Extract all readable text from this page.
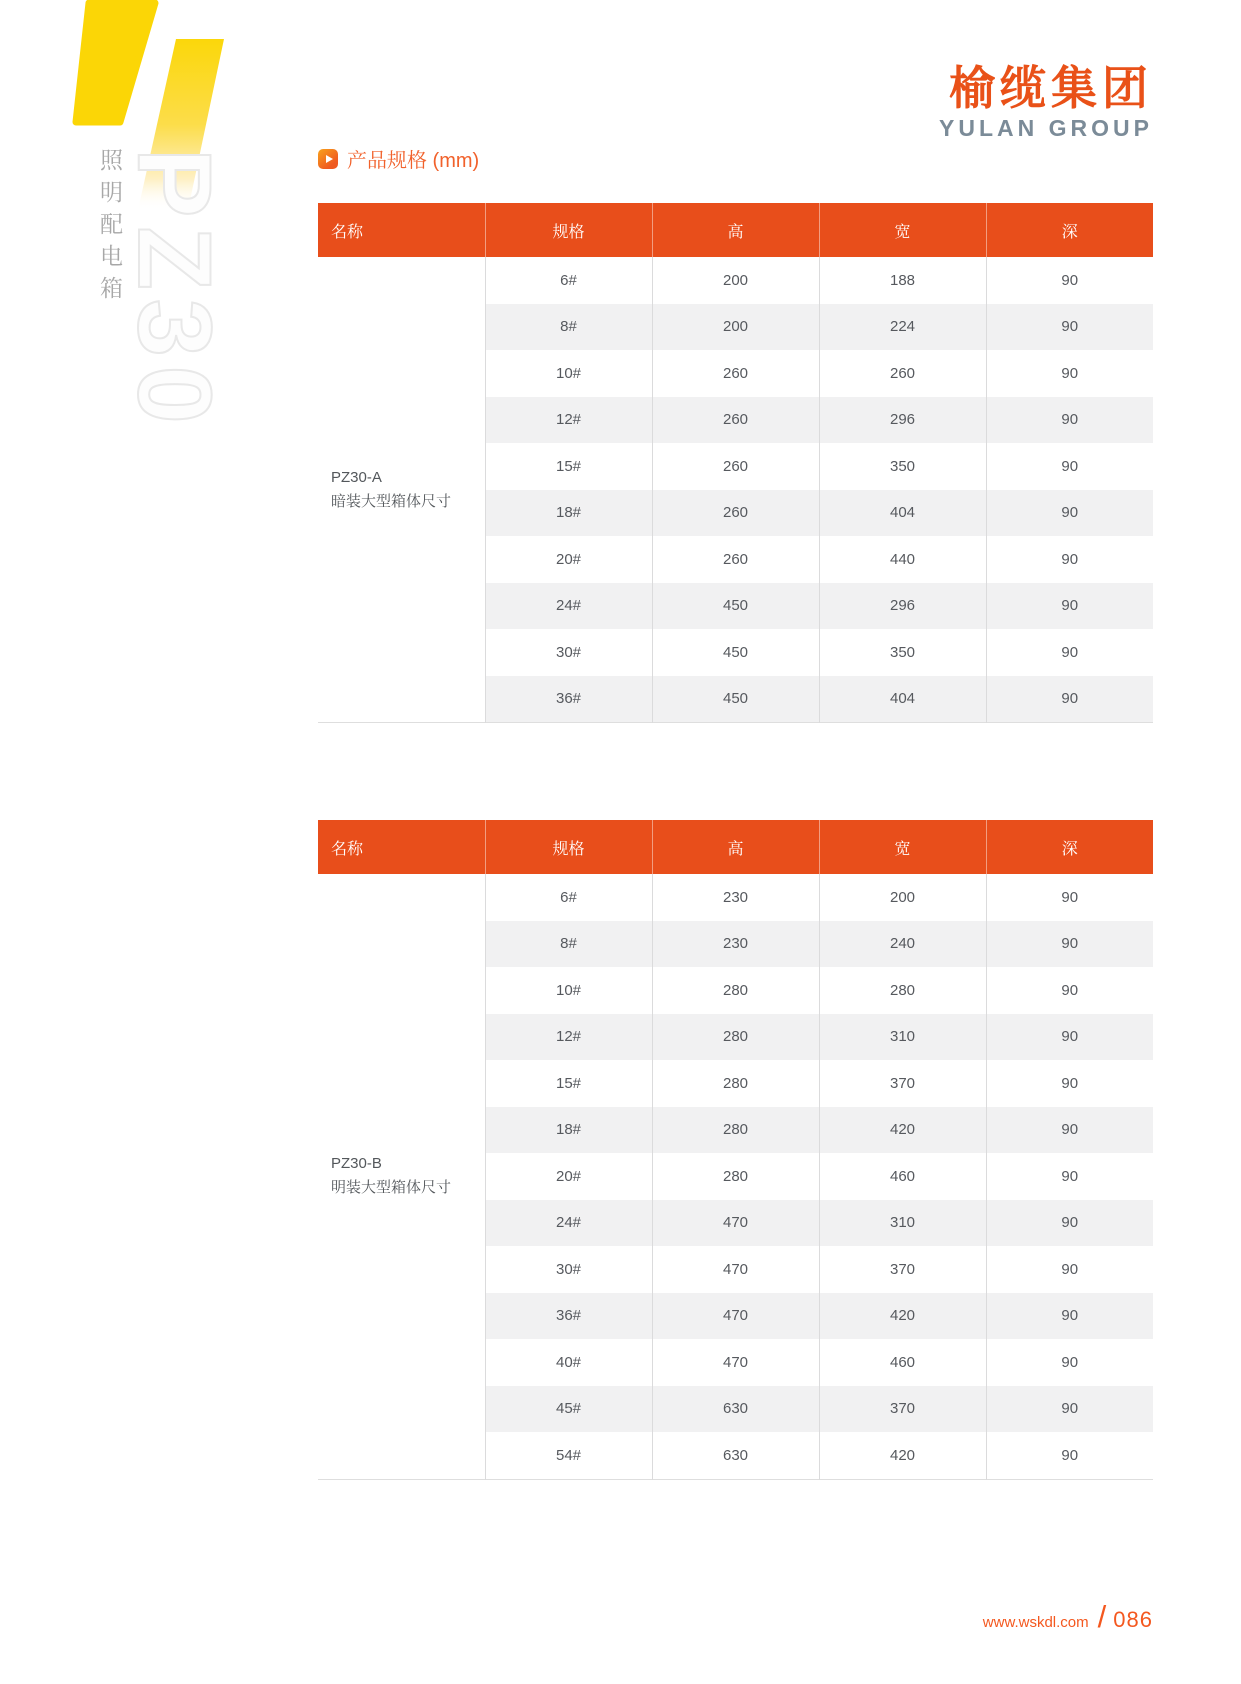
照明配电箱
PZ30
榆缆集团
YULAN GROUP
产品规格 (mm)
名称	规格	高	宽	深

PZ30-A
暗装大型箱体尺寸	6#	200	188	90
	8#	200	224	90
	10#	260	260	90
	12#	260	296	90
	15#	260	350	90
	18#	260	404	90
	20#	260	440	90
	24#	450	296	90
	30#	450	350	90
	36#	450	404	90
名称	规格	高	宽	深

PZ30-B
明装大型箱体尺寸	6#	230	200	90
	8#	230	240	90
	10#	280	280	90
	12#	280	310	90
	15#	280	370	90
	18#	280	420	90
	20#	280	460	90
	24#	470	310	90
	30#	470	370	90
	36#	470	420	90
	40#	470	460	90
	45#	630	370	90
	54#	630	420	90
www.wskdl.com / 086
